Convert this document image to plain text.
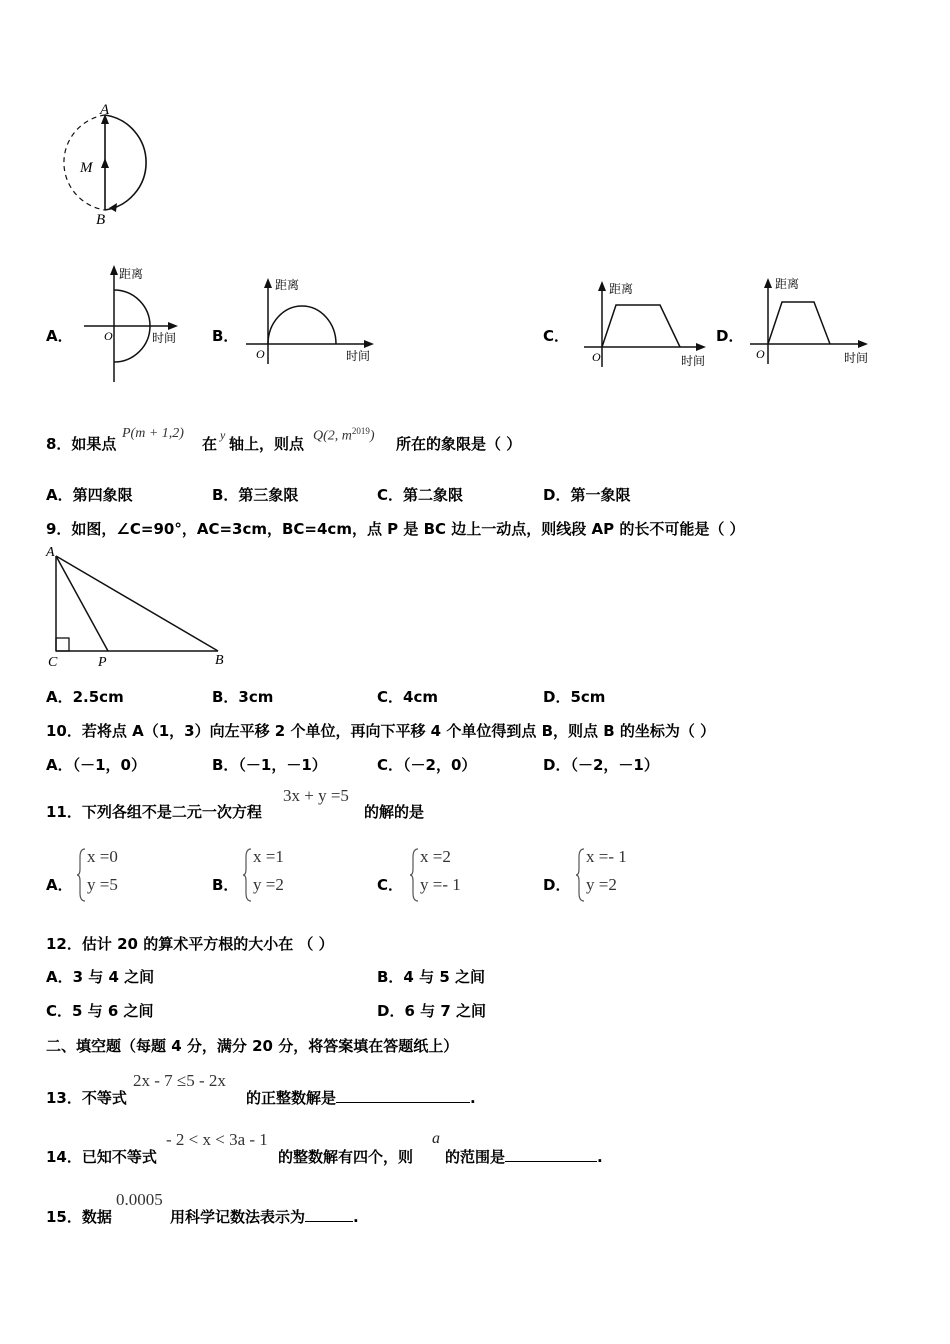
A
M
B
A．
距离
O	时间 B．
距离
O	时间
C．
距离
O	时间
D．
距离
O	时间
8．如果点
P(m + 1,2)
在 y 轴上，则点 Q(2, $m^{2019}$) 所在的象限是（ ）
A．第四象限	B．第三象限	C．第二象限	D．第一象限
9．如图，∠C=90°，AC=3cm，BC=4cm，点 P 是 BC 边上一动点，则线段 AP 的长不可能是（ ）
A
C	P	B
A．2.5cm	B．3cm	C．4cm	D．5cm
10．若将点 A（1，3）向左平移 2 个单位，再向下平移 4 个单位得到点 B，则点 B 的坐标为（ ）
A．（－1，0）	B．（－1，－1）	C．（－2，0）	D．（－2，－1）
11．下列各组不是二元一次方程
3x + y =5
的解的是
A．
x =0
y =5	B．
x =1
y =2	C．
x =2
y =- 1	D．
x =- 1
y =2
12．估计 20 的算术平方根的大小在 （ ）
A．3 与 4 之间	B．4 与 5 之间
C．5 与 6 之间	D．6 与 7 之间
二、填空题（每题 4 分，满分 20 分，将答案填在答题纸上）
13．不等式
2x - 7 ≤5 - 2x
的正整数解是	.
14．已知不等式
- 2 < x < 3a - 1
的整数解有四个，则
a
的范围是	.
15．数据
0.0005
用科学记数法表示为	.
